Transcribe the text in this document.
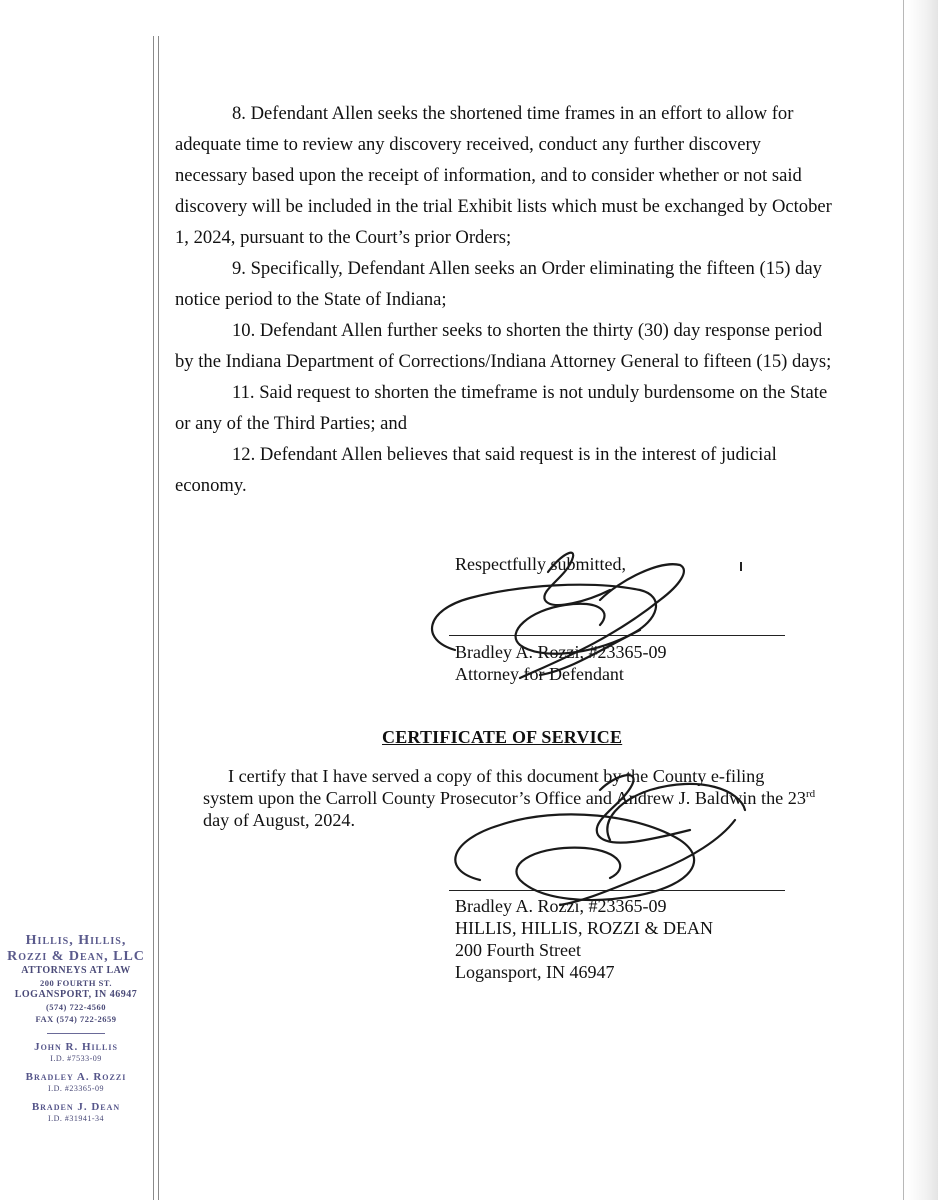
8. Defendant Allen seeks the shortened time frames in an effort to allow for adequate time to review any discovery received, conduct any further discovery necessary based upon the receipt of information, and to consider whether or not said discovery will be included in the trial Exhibit lists which must be exchanged by October 1, 2024, pursuant to the Court’s prior Orders;

9. Specifically, Defendant Allen seeks an Order eliminating the fifteen (15) day notice period to the State of Indiana;

10. Defendant Allen further seeks to shorten the thirty (30) day response period by the Indiana Department of Corrections/Indiana Attorney General to fifteen (15) days;

11. Said request to shorten the timeframe is not unduly burdensome on the State or any of the Third Parties; and

12. Defendant Allen believes that said request is in the interest of judicial economy.

Respectfully submitted,
Bradley A. Rozzi, #23365-09
Attorney for Defendant
CERTIFICATE OF SERVICE
I certify that I have served a copy of this document by the County e-filing
system upon the Carroll County Prosecutor’s Office and Andrew J. Baldwin the 23rd
day of August, 2024.
Bradley A. Rozzi, #23365-09
HILLIS, HILLIS, ROZZI & DEAN
200 Fourth Street
Logansport, IN 46947
Hillis, Hillis,
Rozzi & Dean, LLC
ATTORNEYS AT LAW
200 FOURTH ST.
LOGANSPORT, IN 46947
(574) 722-4560
FAX (574) 722-2659
John R. Hillis
I.D. #7533-09
Bradley A. Rozzi
I.D. #23365-09
Braden J. Dean
I.D. #31941-34
